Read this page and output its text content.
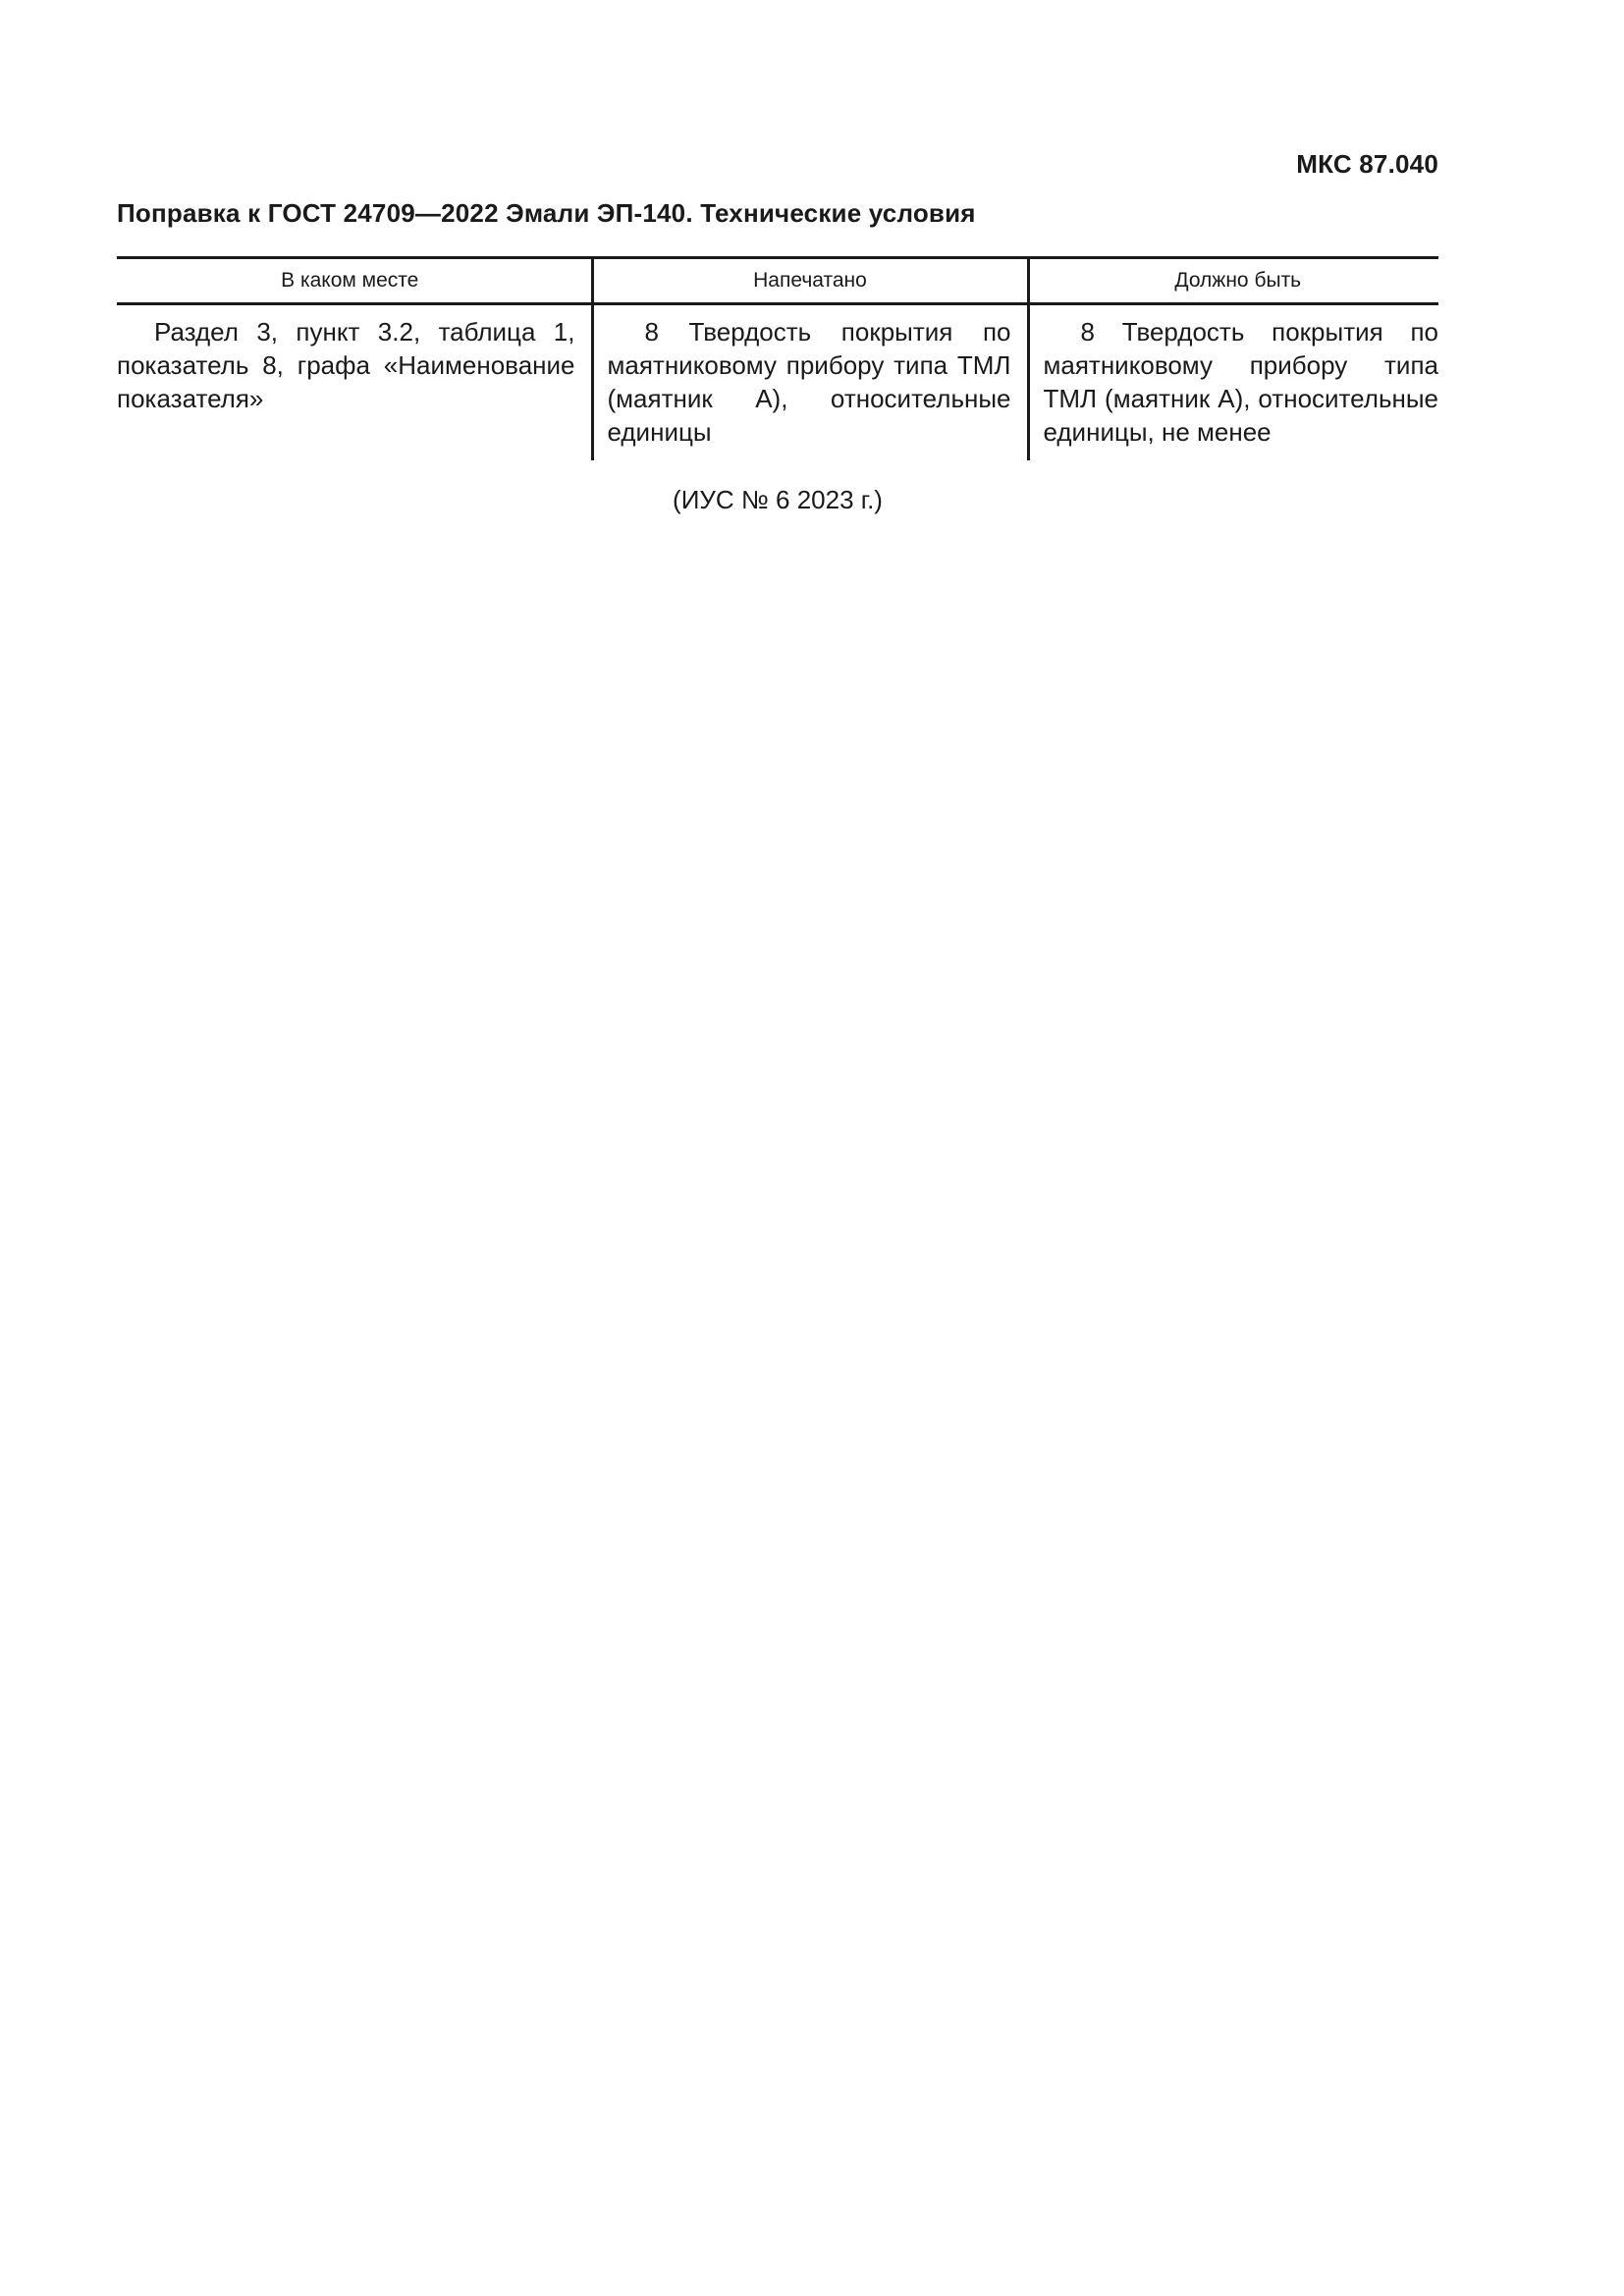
МКС 87.040
Поправка к ГОСТ 24709—2022 Эмали ЭП-140. Технические условия
В каком месте	Напечатано	Должно быть

Раздел 3, пункт 3.2, таблица 1, показатель 8, графа «Наименование показателя»	8 Твердость покрытия по маятниковому прибору типа ТМЛ (маятник А), относительные единицы	8 Твердость покрытия по маятниковому прибору типа ТМЛ (маятник А), относительные единицы, не менее

(ИУС № 6 2023 г.)
